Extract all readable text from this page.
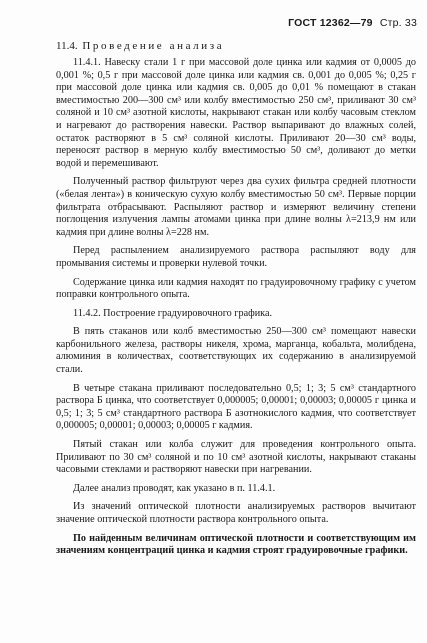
ГОСТ 12362—79 Стр. 33
11.4. Проведение анализа

11.4.1. Навеску стали 1 г при массовой доле цинка или кадмия от 0,0005 до 0,001 %; 0,5 г при массовой доле цинка или кадмия св. 0,001 до 0,005 %; 0,25 г при массовой доле цинка или кадмия св. 0,005 до 0,01 % помещают в стакан вместимостью 200—300 см³ или колбу вместимостью 250 см³, приливают 30 см³ соляной и 10 см³ азотной кислоты, накрывают стакан или колбу часовым стеклом и нагревают до растворения навески. Раствор выпаривают до влажных солей, остаток растворяют в 5 см³ соляной кислоты. Приливают 20—30 см³ воды, переносят раствор в мерную колбу вместимостью 50 см³, доливают до метки водой и перемешивают.

Полученный раствор фильтруют через два сухих фильтра средней плотности («белая лента») в коническую сухую колбу вместимостью 50 см³. Первые порции фильтрата отбрасывают. Распыляют раствор и измеряют величину степени поглощения излучения лампы атомами цинка при длине волны λ=213,9 нм или кадмия при длине волны λ=228 нм.

Перед распылением анализируемого раствора распыляют воду для промывания системы и проверки нулевой точки.

Содержание цинка или кадмия находят по градуировочному графику с учетом поправки контрольного опыта.

11.4.2. Построение градуировочного графика.

В пять стаканов или колб вместимостью 250—300 см³ помещают навески карбонильного железа, растворы никеля, хрома, марганца, кобальта, молибдена, алюминия в количествах, соответствующих их содержанию в анализируемой стали.

В четыре стакана приливают последовательно 0,5; 1; 3; 5 см³ стандартного раствора Б цинка, что соответствует 0,000005; 0,00001; 0,00003; 0,00005 г цинка и 0,5; 1; 3; 5 см³ стандартного раствора Б азотнокислого кадмия, что соответствует 0,000005; 0,00001; 0,00003; 0,00005 г кадмия.

Пятый стакан или колба служит для проведения контрольного опыта. Приливают по 30 см³ соляной и по 10 см³ азотной кислоты, накрывают стаканы часовыми стеклами и растворяют навески при нагревании.

Далее анализ проводят, как указано в п. 11.4.1.

Из значений оптической плотности анализируемых растворов вычитают значение оптической плотности раствора контрольного опыта.

По найденным величинам оптической плотности и соответствующим им значениям концентраций цинка и кадмия строят градуировочные графики.
